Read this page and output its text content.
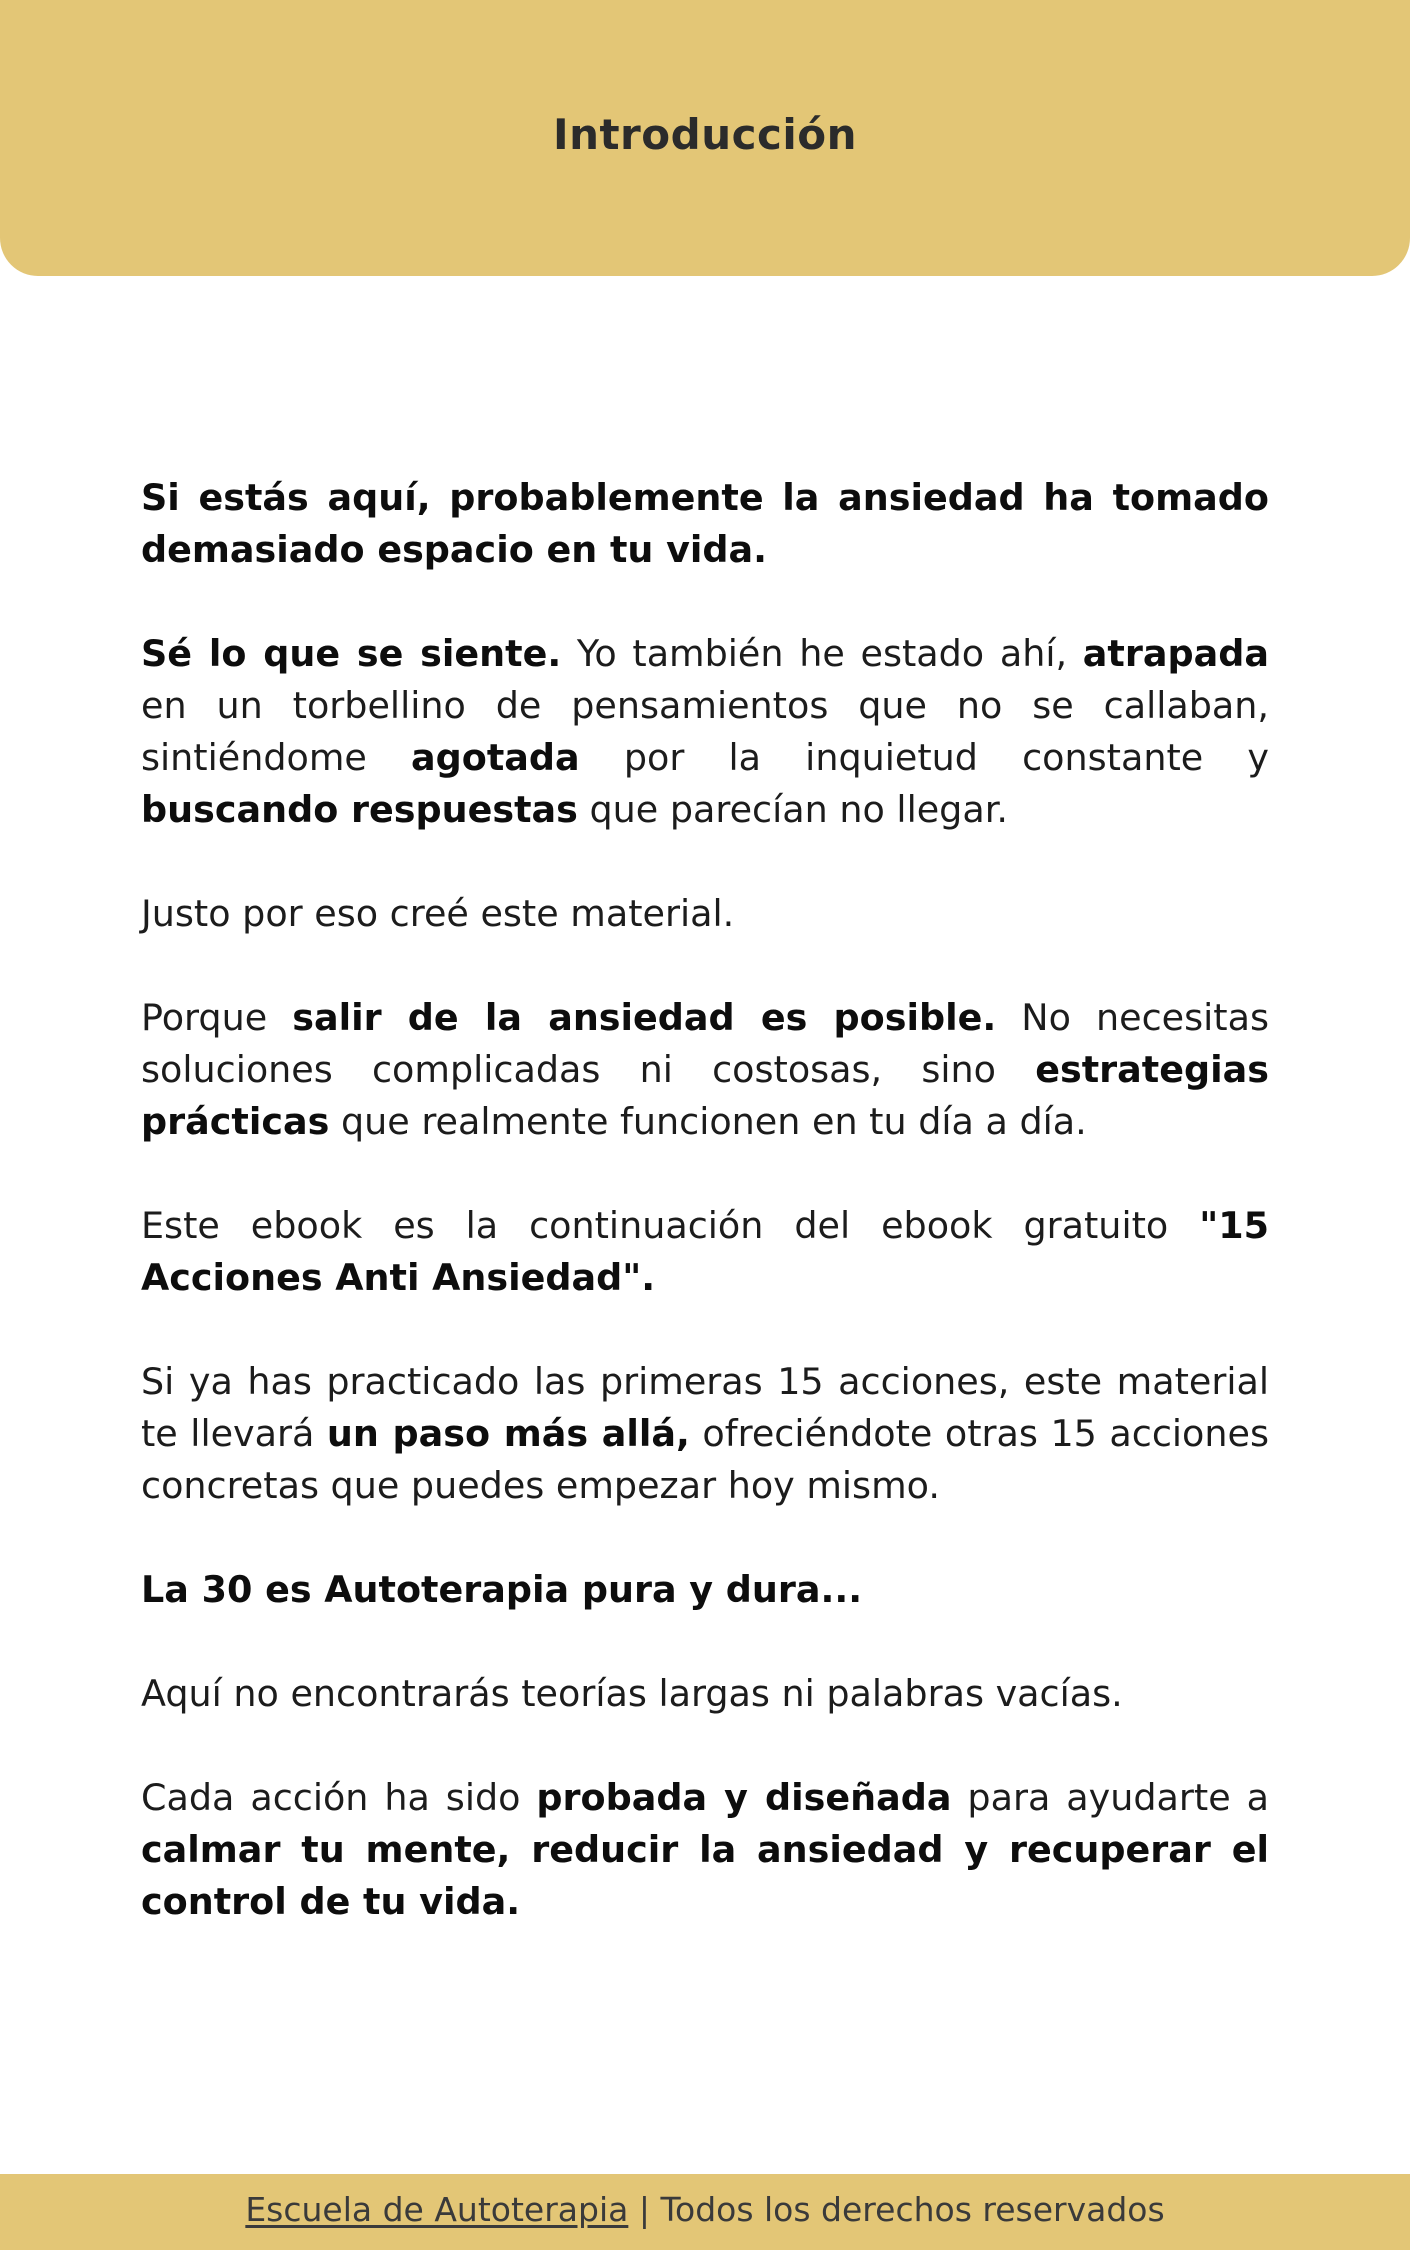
Introducción

Si estás aquí, probablemente la ansiedad ha tomado demasiado espacio en tu vida.

Sé lo que se siente. Yo también he estado ahí, atrapada en un torbellino de pensamientos que no se callaban, sintiéndome agotada por la inquietud constante y buscando respuestas que parecían no llegar.

Justo por eso creé este material.

Porque salir de la ansiedad es posible. No necesitas soluciones complicadas ni costosas, sino estrategias prácticas que realmente funcionen en tu día a día.

Este ebook es la continuación del ebook gratuito "15 Acciones Anti Ansiedad".

Si ya has practicado las primeras 15 acciones, este material te llevará un paso más allá, ofreciéndote otras 15 acciones concretas que puedes empezar hoy mismo.

La 30 es Autoterapia pura y dura...

Aquí no encontrarás teorías largas ni palabras vacías.

Cada acción ha sido probada y diseñada para ayudarte a calmar tu mente, reducir la ansiedad y recuperar el control de tu vida.

Escuela de Autoterapia | Todos los derechos reservados
